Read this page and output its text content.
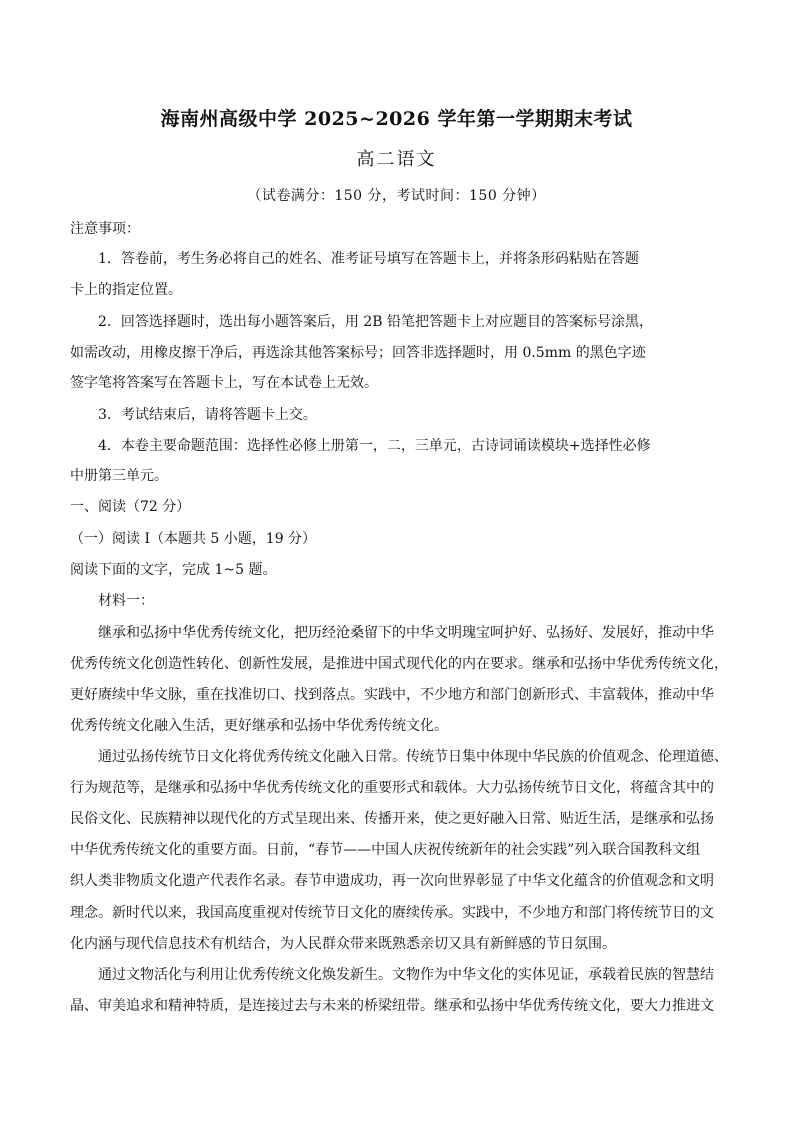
海南州高级中学 2025~2026 学年第一学期期末考试
高二语文
（试卷满分：150 分，考试时间：150 分钟）
注意事项：
1．答卷前，考生务必将自己的姓名、准考证号填写在答题卡上，并将条形码粘贴在答题
卡上的指定位置。
2．回答选择题时，选出每小题答案后，用 2B 铅笔把答题卡上对应题目的答案标号涂黑，
如需改动，用橡皮擦干净后，再选涂其他答案标号；回答非选择题时，用 0.5mm 的黑色字迹
签字笔将答案写在答题卡上，写在本试卷上无效。
3．考试结束后，请将答题卡上交。
4．本卷主要命题范围：选择性必修上册第一，二，三单元，古诗词诵读模块+选择性必修
中册第三单元。
一、阅读（72 分）
（一）阅读 I（本题共 5 小题，19 分）
阅读下面的文字，完成 1~5 题。
材料一：
继承和弘扬中华优秀传统文化，把历经沧桑留下的中华文明瑰宝呵护好、弘扬好、发展好，推动中华
优秀传统文化创造性转化、创新性发展，是推进中国式现代化的内在要求。继承和弘扬中华优秀传统文化，
更好赓续中华文脉，重在找准切口、找到落点。实践中，不少地方和部门创新形式、丰富载体，推动中华
优秀传统文化融入生活，更好继承和弘扬中华优秀传统文化。
通过弘扬传统节日文化将优秀传统文化融入日常。传统节日集中体现中华民族的价值观念、伦理道德、
行为规范等，是继承和弘扬中华优秀传统文化的重要形式和载体。大力弘扬传统节日文化，将蕴含其中的
民俗文化、民族精神以现代化的方式呈现出来、传播开来，使之更好融入日常、贴近生活，是继承和弘扬
中华优秀传统文化的重要方面。日前，“春节——中国人庆祝传统新年的社会实践”列入联合国教科文组
织人类非物质文化遗产代表作名录。春节申遗成功，再一次向世界彰显了中华文化蕴含的价值观念和文明
理念。新时代以来，我国高度重视对传统节日文化的赓续传承。实践中，不少地方和部门将传统节日的文
化内涵与现代信息技术有机结合，为人民群众带来既熟悉亲切又具有新鲜感的节日氛围。
通过文物活化与利用让优秀传统文化焕发新生。文物作为中华文化的实体见证，承载着民族的智慧结
晶、审美追求和精神特质，是连接过去与未来的桥梁纽带。继承和弘扬中华优秀传统文化，要大力推进文
